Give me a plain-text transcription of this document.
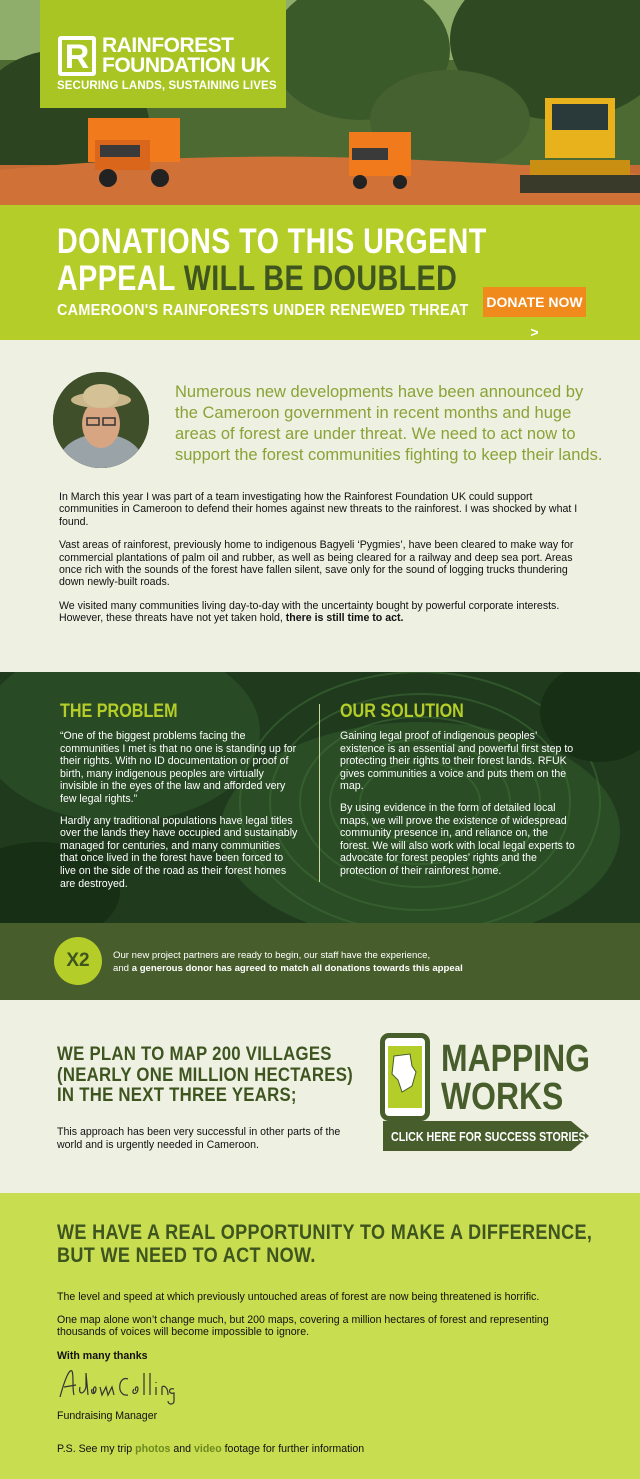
R RAINFOREST
FOUNDATION UK
SECURING LANDS, SUSTAINING LIVES
DONATIONS TO THIS URGENT
APPEAL WILL BE DOUBLED
CAMEROON'S RAINFORESTS UNDER RENEWED THREAT DONATE NOW >
Numerous new developments have been announced by the Cameroon government in recent months and huge areas of forest are under threat. We need to act now to support the forest communities fighting to keep their lands.

In March this year I was part of a team investigating how the Rainforest Foundation UK could support communities in Cameroon to defend their homes against new threats to the rainforest. I was shocked by what I found.

Vast areas of rainforest, previously home to indigenous Bagyeli ‘Pygmies’, have been cleared to make way for commercial plantations of palm oil and rubber, as well as being cleared for a railway and deep sea port. Areas once rich with the sounds of the forest have fallen silent, save only for the sound of logging trucks thundering down newly-built roads.

We visited many communities living day-to-day with the uncertainty bought by powerful corporate interests. However, these threats have not yet taken hold, there is still time to act.

THE PROBLEM

“One of the biggest problems facing the communities I met is that no one is standing up for their rights. With no ID documentation or proof of birth, many indigenous peoples are virtually invisible in the eyes of the law and afforded very few legal rights.”

Hardly any traditional populations have legal titles over the lands they have occupied and sustainably managed for centuries, and many communities that once lived in the forest have been forced to live on the side of the road as their forest homes are destroyed.

OUR SOLUTION

Gaining legal proof of indigenous peoples’ existence is an essential and powerful first step to protecting their rights to their forest lands. RFUK gives communities a voice and puts them on the map.

By using evidence in the form of detailed local maps, we will prove the existence of widespread community presence in, and reliance on, the forest. We will also work with local legal experts to advocate for forest peoples’ rights and the protection of their rainforest home.

X2	Our new project partners are ready to begin, our staff have the experience,
and a generous donor has agreed to match all donations towards this appeal
WE PLAN TO MAP 200 VILLAGES
(NEARLY ONE MILLION HECTARES)
IN THE NEXT THREE YEARS;
This approach has been very successful in other parts of the world and is urgently needed in Cameroon.
MAPPING
WORKS
CLICK HERE FOR SUCCESS STORIES
WE HAVE A REAL OPPORTUNITY TO MAKE A DIFFERENCE,
BUT WE NEED TO ACT NOW.

The level and speed at which previously untouched areas of forest are now being threatened is horrific.

One map alone won’t change much, but 200 maps, covering a million hectares of forest and representing thousands of voices will become impossible to ignore.

With many thanks
Fundraising Manager
P.S. See my trip photos and video footage for further information
